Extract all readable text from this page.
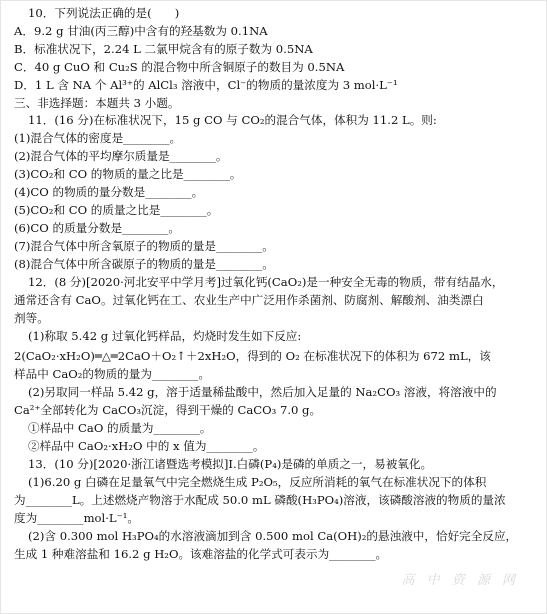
10．下列说法正确的是(　　)
A．9.2 g 甘油(丙三醇)中含有的羟基数为 0.1NA
B．标准状况下，2.24 L 二氯甲烷含有的原子数为 0.5NA
C．40 g CuO 和 Cu₂S 的混合物中所含铜原子的数目为 0.5NA
D．1 L 含 NA 个 Al³⁺的 AlCl₃ 溶液中，Cl⁻的物质的量浓度为 3 mol·L⁻¹
三、非选择题：本题共 3 小题。
11．(16 分)在标准状况下，15 g CO 与 CO₂的混合气体，体积为 11.2 L。则:
(1)混合气体的密度是________。
(2)混合气体的平均摩尔质量是________。
(3)CO₂和 CO 的物质的量之比是________。
(4)CO 的物质的量分数是________。
(5)CO₂和 CO 的质量之比是________。
(6)CO 的质量分数是________。
(7)混合气体中所含氧原子的物质的量是________。
(8)混合气体中所含碳原子的物质的量是________。
12．(8 分)[2020·河北安平中学月考]过氧化钙(CaO₂)是一种安全无毒的物质，带有结晶水，
通常还含有 CaO。过氧化钙在工、农业生产中广泛用作杀菌剂、防腐剂、解酸剂、油类漂白
剂等。
(1)称取 5.42 g 过氧化钙样品，灼烧时发生如下反应:
2(CaO₂·xH₂O)═△═2CaO＋O₂↑＋2xH₂O，得到的 O₂ 在标准状况下的体积为 672 mL，该
样品中 CaO₂的物质的量为________。
(2)另取同一样品 5.42 g，溶于适量稀盐酸中，然后加入足量的 Na₂CO₃ 溶液，将溶液中的
Ca²⁺全部转化为 CaCO₃沉淀，得到干燥的 CaCO₃ 7.0 g。
①样品中 CaO 的质量为________。
②样品中 CaO₂·xH₂O 中的 x 值为________。
13．(10 分)[2020·浙江诸暨选考模拟]Ⅰ.白磷(P₄)是磷的单质之一，易被氧化。
(1)6.20 g 白磷在足量氧气中完全燃烧生成 P₂O₅，反应所消耗的氧气在标准状况下的体积
为________L。上述燃烧产物溶于水配成 50.0 mL 磷酸(H₃PO₄)溶液，该磷酸溶液的物质的量浓
度为________mol·L⁻¹。
(2)含 0.300 mol H₃PO₄的水溶液滴加到含 0.500 mol Ca(OH)₂的悬浊液中，恰好完全反应，
生成 1 种难溶盐和 16.2 g H₂O。该难溶盐的化学式可表示为________。
高 中 资 源 网
